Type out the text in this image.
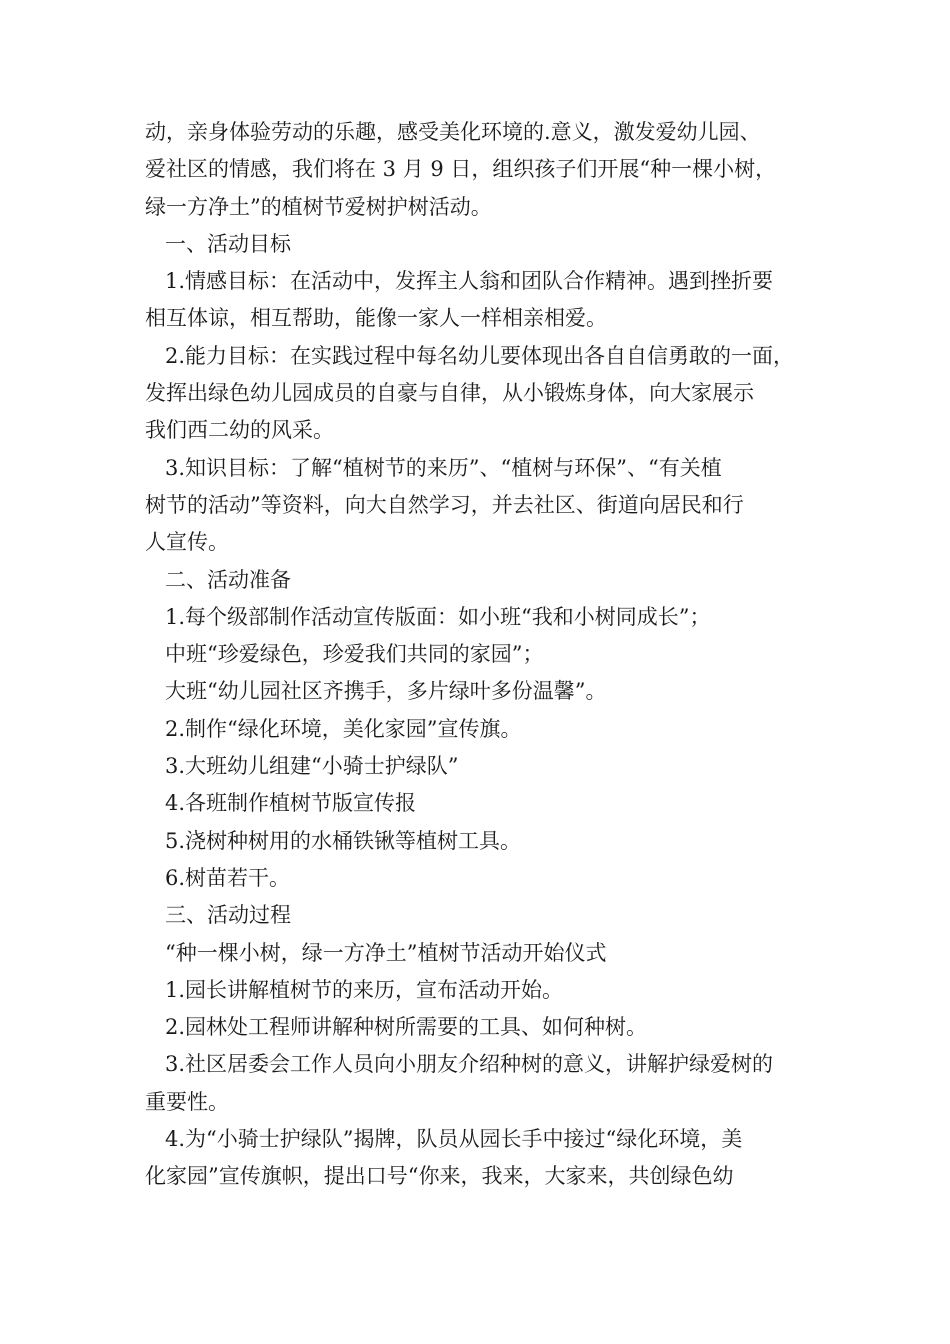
动，亲身体验劳动的乐趣，感受美化环境的.意义，激发爱幼儿园、
爱社区的情感，我们将在 3 月 9 日，组织孩子们开展“种一棵小树，
绿一方净土”的植树节爱树护树活动。
一、活动目标
1.情感目标：在活动中，发挥主人翁和团队合作精神。遇到挫折要
相互体谅，相互帮助，能像一家人一样相亲相爱。
2.能力目标：在实践过程中每名幼儿要体现出各自自信勇敢的一面，
发挥出绿色幼儿园成员的自豪与自律，从小锻炼身体，向大家展示
我们西二幼的风采。
3.知识目标：了解“植树节的来历”、“植树与环保”、“有关植
树节的活动”等资料，向大自然学习，并去社区、街道向居民和行
人宣传。
二、活动准备
1.每个级部制作活动宣传版面：如小班“我和小树同成长”；
中班“珍爱绿色，珍爱我们共同的家园”；
大班“幼儿园社区齐携手，多片绿叶多份温馨”。
2.制作“绿化环境，美化家园”宣传旗。
3.大班幼儿组建“小骑士护绿队”
4.各班制作植树节版宣传报
5.浇树种树用的水桶铁锹等植树工具。
6.树苗若干。
三、活动过程
“种一棵小树，绿一方净土”植树节活动开始仪式
1.园长讲解植树节的来历，宣布活动开始。
2.园林处工程师讲解种树所需要的工具、如何种树。
3.社区居委会工作人员向小朋友介绍种树的意义，讲解护绿爱树的
重要性。
4.为“小骑士护绿队”揭牌，队员从园长手中接过“绿化环境，美
化家园”宣传旗帜，提出口号“你来，我来，大家来，共创绿色幼
